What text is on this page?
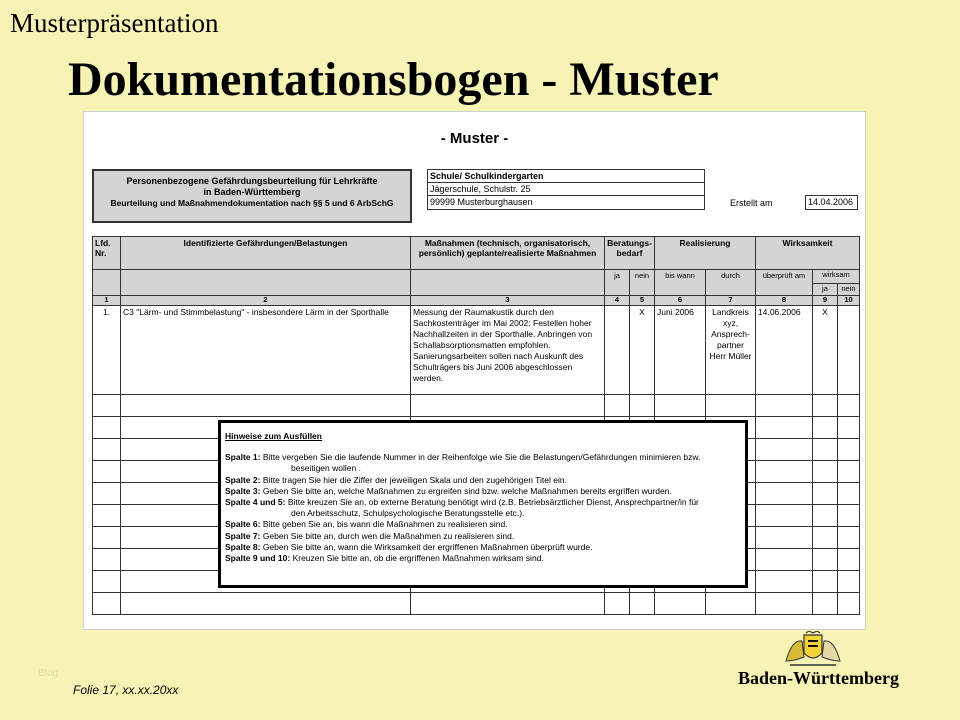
Musterpräsentation
Dokumentationsbogen - Muster
- Muster -
Personenbezogene Gefährdungsbeurteilung für Lehrkräfte
in Baden-Württemberg
Beurteilung und Maßnahmendokumentation nach §§ 5 und 6 ArbSchG
Schule/ Schulkindergarten
Jägerschule, Schulstr. 25
99999 Musterburghausen	Erstellt am	14.04.2006
Lfd. Nr.	Identifizierte Gefährdungen/Belastungen	Maßnahmen (technisch, organisatorisch, persönlich) geplante/realisierte Maßnahmen	Beratungs-bedarf		Realisierung		Wirksamkeit		
			ja	nein	bis wann	durch	überprüft am	wirksam
ja nein	

1	2	3	4	5	6	7	8	9	10
1.	C3 "Lärm- und Stimmbelastung" - insbesondere Lärm in der Sporthalle	Messung der Raumakustik durch den Sachkostenträger im Mai 2002: Festellen hoher Nachhallzeiten in der Sporthalle. Anbringen von Schallabsorptionsmatten empfohlen. Sanierungsarbeiten sollen nach Auskunft des Schulträgers bis Juni 2006 abgeschlossen werden.		X	Juni 2006	Landkreis xyz, Ansprech-partner Herr Müller	14.06.2006	X	

Hinweise zum Ausfüllen
Spalte 1: Bitte vergeben Sie die laufende Nummer in der Reihenfolge wie Sie die Belastungen/Gefährdungen minimieren bzw.
beseitigen wollen .
Spalte 2: Bitte tragen Sie hier die Ziffer der jeweiligen Skala und den zugehörigen Titel ein.
Spalte 3: Geben Sie bitte an, welche Maßnahmen zu ergreifen sind bzw. welche Maßnahmen bereits ergriffen wurden.
Spalte 4 und 5: Bitte kreuzen Sie an, ob externe Beratung benötigt wird (z.B. Betriebsärztlicher Dienst, Ansprechpartner/in für
den Arbeitsschutz, Schulpsychologische Beratungsstelle etc.).
Spalte 6: Bitte geben Sie an, bis wann die Maßnahmen zu realisieren sind.
Spalte 7: Geben Sie bitte an, durch wen die Maßnahmen zu realisieren sind.
Spalte 8: Geben Sie bitte an, wann die Wirksamkeit der ergriffenen Maßnahmen überprüft wurde.
Spalte 9 und 10: Kreuzen Sie bitte an, ob die ergriffenen Maßnahmen wirksam sind.
Blog
Folie 17, xx.xx.20xx
Baden-Württemberg
